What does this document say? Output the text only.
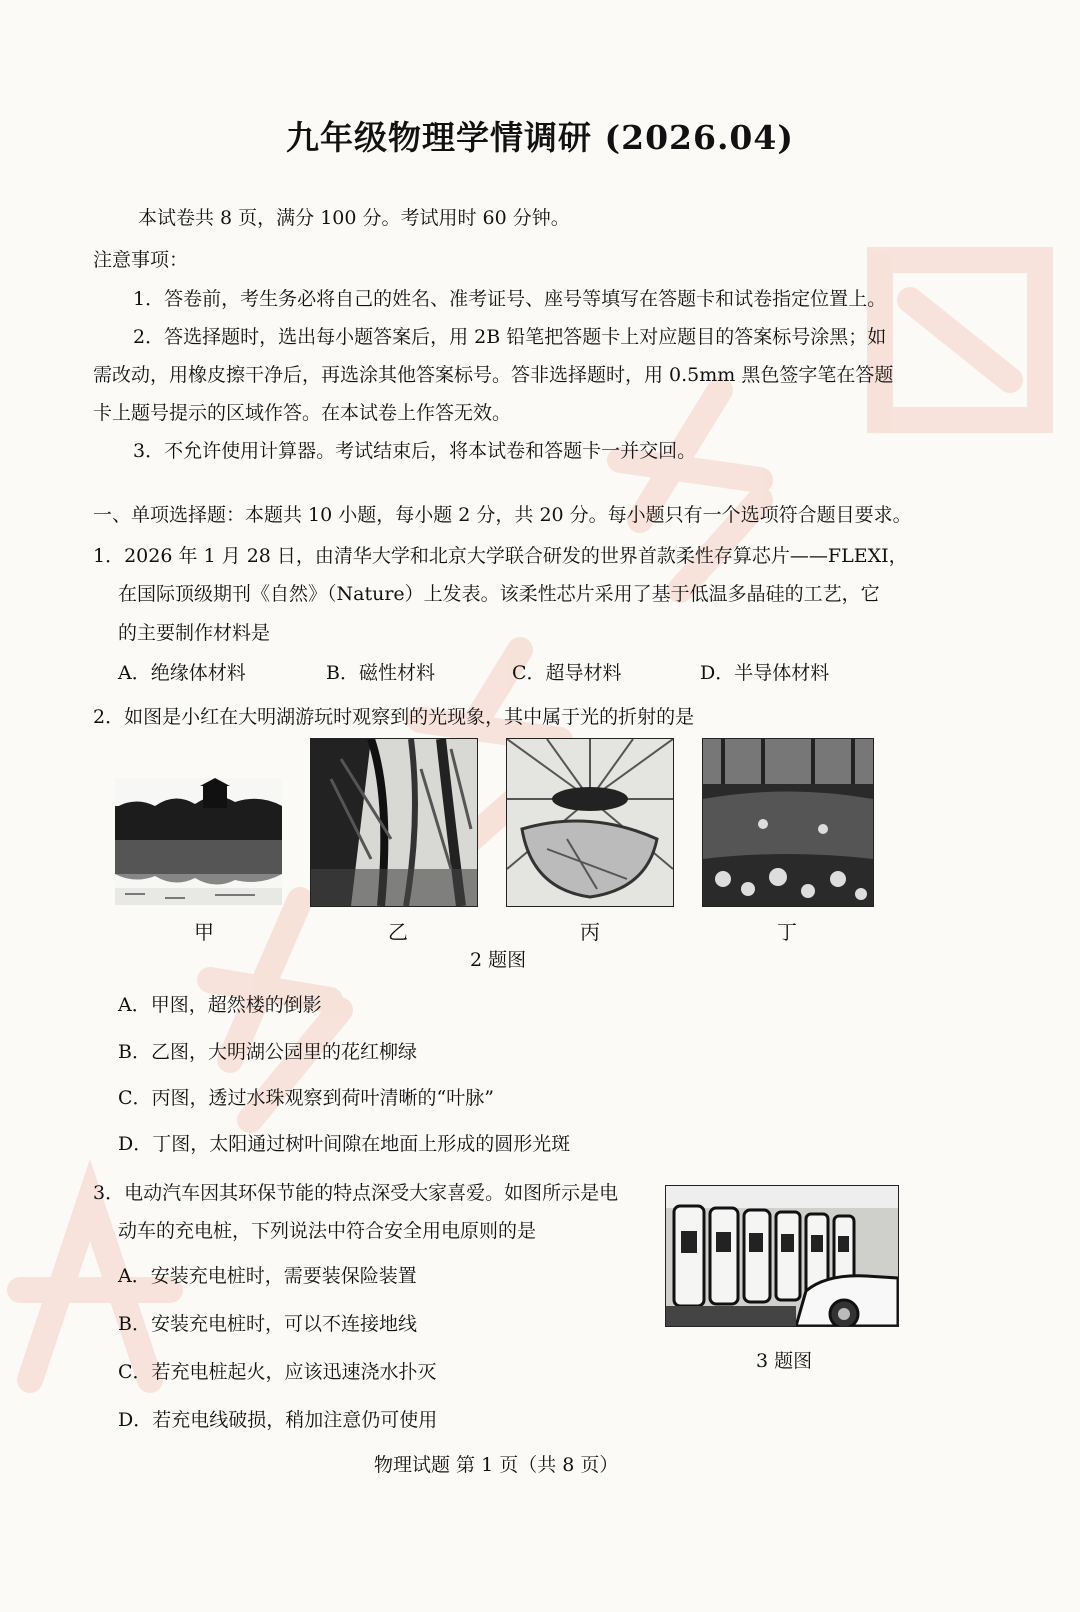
九年级物理学情调研 (2026.04)
本试卷共 8 页，满分 100 分。考试用时 60 分钟。
注意事项：
1．答卷前，考生务必将自己的姓名、准考证号、座号等填写在答题卡和试卷指定位置上。
2．答选择题时，选出每小题答案后，用 2B 铅笔把答题卡上对应题目的答案标号涂黑；如
需改动，用橡皮擦干净后，再选涂其他答案标号。答非选择题时，用 0.5mm 黑色签字笔在答题
卡上题号提示的区域作答。在本试卷上作答无效。
3．不允许使用计算器。考试结束后，将本试卷和答题卡一并交回。
一、单项选择题：本题共 10 小题，每小题 2 分，共 20 分。每小题只有一个选项符合题目要求。
1．2026 年 1 月 28 日，由清华大学和北京大学联合研发的世界首款柔性存算芯片——FLEXI，
在国际顶级期刊《自然》（Nature）上发表。该柔性芯片采用了基于低温多晶硅的工艺，它
的主要制作材料是
A．绝缘体材料	B．磁性材料	C．超导材料	D．半导体材料
2．如图是小红在大明湖游玩时观察到的光现象，其中属于光的折射的是
甲	乙	丙	丁
2 题图
A．甲图，超然楼的倒影
B．乙图，大明湖公园里的花红柳绿
C．丙图，透过水珠观察到荷叶清晰的“叶脉”
D．丁图，太阳通过树叶间隙在地面上形成的圆形光斑
3．电动汽车因其环保节能的特点深受大家喜爱。如图所示是电
动车的充电桩，下列说法中符合安全用电原则的是
A．安装充电桩时，需要装保险装置
B．安装充电桩时，可以不连接地线
C．若充电桩起火，应该迅速浇水扑灭
D．若充电线破损，稍加注意仍可使用
3 题图
物理试题 第 1 页（共 8 页）
